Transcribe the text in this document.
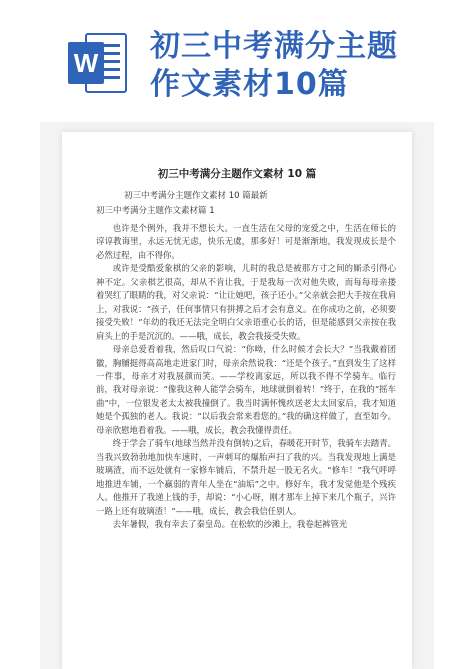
W 初三中考满分主题
作文素材10篇
初三中考满分主题作文素材 10 篇
初三中考满分主题作文素材 10 篇最新
初三中考满分主题作文素材篇 1

也许是个例外，我并不想长大。一直生活在父母的宠爱之中，生活在师长的谆谆教诲里，永远无忧无虑，快乐无虞，那多好！可是渐渐地，我发现成长是个必然过程，由不得你。

或许是受酷爱象棋的父亲的影响，儿时的我总是被那方寸之间的厮杀引得心神不定。父亲棋艺很高，却从不肯让我，于是我每一次对他失败，而每每母亲搂着哭红了眼睛的我，对父亲说：“让让她吧，孩子还小。”父亲就会把大手按在我肩上，对我说：“孩子，任何事情只有拼搏之后才会有意义。在你成功之前，必须要接受失败！”年幼的我还无法完全明白父亲语重心长的话，但是能感到父亲按在我肩头上的手是沉沉的。——哦，成长，教会我接受失败。

母亲总爱看着我，然后叹口气说：“你呦，什么时候才会长大？”当我戴着团徽，胸脯挺得高高地走进家门时，母亲余然说我：“还是个孩子。”直到发生了这样一件事，母亲才对我展颜而笑。——学校离家远，所以我不得不学骑车。临行前，我对母亲说：“像我这种人能学会骑车，地球就倒着转！”终于，在我的“摇车曲”中，一位银发老太太被我撞倒了。我当时满怀愧疚送老太太回家后，我才知道她是个孤独的老人。我说：“以后我会常来看您的。”我的确这样做了，直至如今。母亲欣慰地看着我。——哦，成长，教会我懂得责任。

终于学会了骑车(地球当然并没有倒转)之后，春暖花开时节，我骑车去踏青。当我兴致勃勃地加快车速时，一声刺耳的爆胎声扫了我的兴。当我发现地上满是玻璃渣，而不远处就有一家修车铺后，不禁升起一股无名火。“修车！”我气呼呼地推进车铺，一个赢弱的青年人坐在“油垢”之中。修好车，我才发觉他是个残疾人。他推开了我递上钱的手，却说：“小心呀，刚才那车上掉下来几个瓶子，兴许一路上还有玻璃渣！”——哦，成长，教会我信任别人。

去年暑假，我有幸去了秦皇岛。在松软的沙滩上，我卷起裤管光
